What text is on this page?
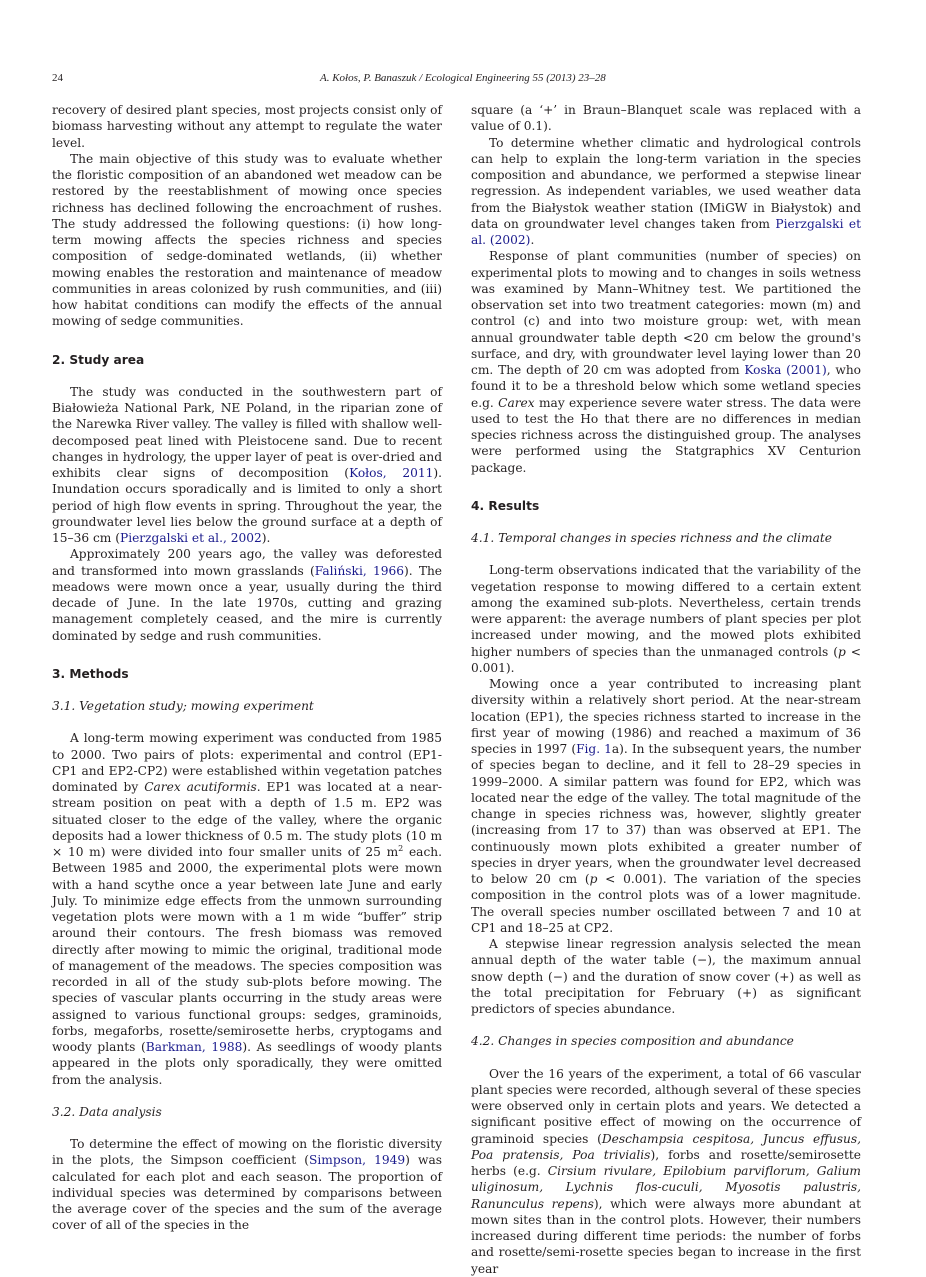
24	A. Kołos, P. Banaszuk / Ecological Engineering 55 (2013) 23–28

recovery of desired plant species, most projects consist only of biomass harvesting without any attempt to regulate the water level.

The main objective of this study was to evaluate whether the floristic composition of an abandoned wet meadow can be restored by the reestablishment of mowing once species richness has declined following the encroachment of rushes. The study addressed the following questions: (i) how long-term mowing affects the species richness and species composition of sedge-dominated wetlands, (ii) whether mowing enables the restoration and maintenance of meadow communities in areas colonized by rush communities, and (iii) how habitat conditions can modify the effects of the annual mowing of sedge communities.

2. Study area

The study was conducted in the southwestern part of Białowieża National Park, NE Poland, in the riparian zone of the Narewka River valley. The valley is filled with shallow well-decomposed peat lined with Pleistocene sand. Due to recent changes in hydrology, the upper layer of peat is over-dried and exhibits clear signs of decomposition (Kołos, 2011). Inundation occurs sporadically and is limited to only a short period of high flow events in spring. Throughout the year, the groundwater level lies below the ground surface at a depth of 15–36 cm (Pierzgalski et al., 2002).

Approximately 200 years ago, the valley was deforested and transformed into mown grasslands (Faliński, 1966). The meadows were mown once a year, usually during the third decade of June. In the late 1970s, cutting and grazing management completely ceased, and the mire is currently dominated by sedge and rush communities.

3. Methods
3.1. Vegetation study; mowing experiment

A long-term mowing experiment was conducted from 1985 to 2000. Two pairs of plots: experimental and control (EP1-CP1 and EP2-CP2) were established within vegetation patches dominated by Carex acutiformis. EP1 was located at a near-stream position on peat with a depth of 1.5 m. EP2 was situated closer to the edge of the valley, where the organic deposits had a lower thickness of 0.5 m. The study plots (10 m × 10 m) were divided into four smaller units of 25 $m^2$ each. Between 1985 and 2000, the experimental plots were mown with a hand scythe once a year between late June and early July. To minimize edge effects from the unmown surrounding vegetation plots were mown with a 1 m wide “buffer” strip around their contours. The fresh biomass was removed directly after mowing to mimic the original, traditional mode of management of the meadows. The species composition was recorded in all of the study sub-plots before mowing. The species of vascular plants occurring in the study areas were assigned to various functional groups: sedges, graminoids, forbs, megaforbs, rosette/semirosette herbs, cryptogams and woody plants (Barkman, 1988). As seedlings of woody plants appeared in the plots only sporadically, they were omitted from the analysis.

3.2. Data analysis

To determine the effect of mowing on the floristic diversity in the plots, the Simpson coefficient (Simpson, 1949) was calculated for each plot and each season. The proportion of individual species was determined by comparisons between the average cover of the species and the sum of the average cover of all of the species in the

square (a ‘+’ in Braun–Blanquet scale was replaced with a value of 0.1).

To determine whether climatic and hydrological controls can help to explain the long-term variation in the species composition and abundance, we performed a stepwise linear regression. As independent variables, we used weather data from the Białystok weather station (IMiGW in Białystok) and data on groundwater level changes taken from Pierzgalski et al. (2002).

Response of plant communities (number of species) on experimental plots to mowing and to changes in soils wetness was examined by Mann–Whitney test. We partitioned the observation set into two treatment categories: mown (m) and control (c) and into two moisture group: wet, with mean annual groundwater table depth <20 cm below the ground's surface, and dry, with groundwater level laying lower than 20 cm. The depth of 20 cm was adopted from Koska (2001), who found it to be a threshold below which some wetland species e.g. Carex may experience severe water stress. The data were used to test the Ho that there are no differences in median species richness across the distinguished group. The analyses were performed using the Statgraphics XV Centurion package.

4. Results
4.1. Temporal changes in species richness and the climate

Long-term observations indicated that the variability of the vegetation response to mowing differed to a certain extent among the examined sub-plots. Nevertheless, certain trends were apparent: the average numbers of plant species per plot increased under mowing, and the mowed plots exhibited higher numbers of species than the unmanaged controls (p < 0.001).

Mowing once a year contributed to increasing plant diversity within a relatively short period. At the near-stream location (EP1), the species richness started to increase in the first year of mowing (1986) and reached a maximum of 36 species in 1997 (Fig. 1a). In the subsequent years, the number of species began to decline, and it fell to 28–29 species in 1999–2000. A similar pattern was found for EP2, which was located near the edge of the valley. The total magnitude of the change in species richness was, however, slightly greater (increasing from 17 to 37) than was observed at EP1. The continuously mown plots exhibited a greater number of species in dryer years, when the groundwater level decreased to below 20 cm (p < 0.001). The variation of the species composition in the control plots was of a lower magnitude. The overall species number oscillated between 7 and 10 at CP1 and 18–25 at CP2.

A stepwise linear regression analysis selected the mean annual depth of the water table (−), the maximum annual snow depth (−) and the duration of snow cover (+) as well as the total precipitation for February (+) as significant predictors of species abundance.

4.2. Changes in species composition and abundance

Over the 16 years of the experiment, a total of 66 vascular plant species were recorded, although several of these species were observed only in certain plots and years. We detected a significant positive effect of mowing on the occurrence of graminoid species (Deschampsia cespitosa, Juncus effusus, Poa pratensis, Poa trivialis), forbs and rosette/semirosette herbs (e.g. Cirsium rivulare, Epilobium parviflorum, Galium uliginosum, Lychnis flos-cuculi, Myosotis palustris, Ranunculus repens), which were always more abundant at mown sites than in the control plots. However, their numbers increased during different time periods: the number of forbs and rosette/semi-rosette species began to increase in the first year
